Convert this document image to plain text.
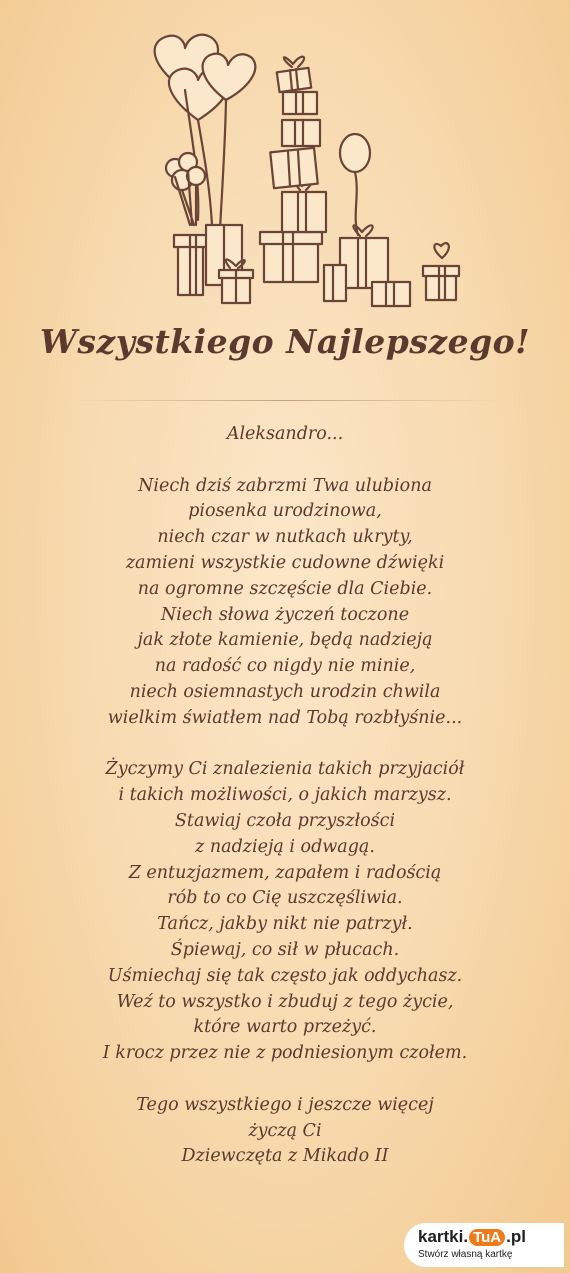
Wszystkiego Najlepszego!
Aleksandro...
Niech dziś zabrzmi Twa ulubiona
piosenka urodzinowa,
niech czar w nutkach ukryty,
zamieni wszystkie cudowne dźwięki
na ogromne szczęście dla Ciebie.
Niech słowa życzeń toczone
jak złote kamienie, będą nadzieją
na radość co nigdy nie minie,
niech osiemnastych urodzin chwila
wielkim światłem nad Tobą rozbłyśnie...
Życzymy Ci znalezienia takich przyjaciół
i takich możliwości, o jakich marzysz.
Stawiaj czoła przyszłości
z nadzieją i odwagą.
Z entuzjazmem, zapałem i radością
rób to co Cię uszczęśliwia.
Tańcz, jakby nikt nie patrzył.
Śpiewaj, co sił w płucach.
Uśmiechaj się tak często jak oddychasz.
Weź to wszystko i zbuduj z tego życie,
które warto przeżyć.
I krocz przez nie z podniesionym czołem.
Tego wszystkiego i jeszcze więcej
życzą Ci
Dziewczęta z Mikado II
kartki. TuA .pl
Stwórz własną kartkę
